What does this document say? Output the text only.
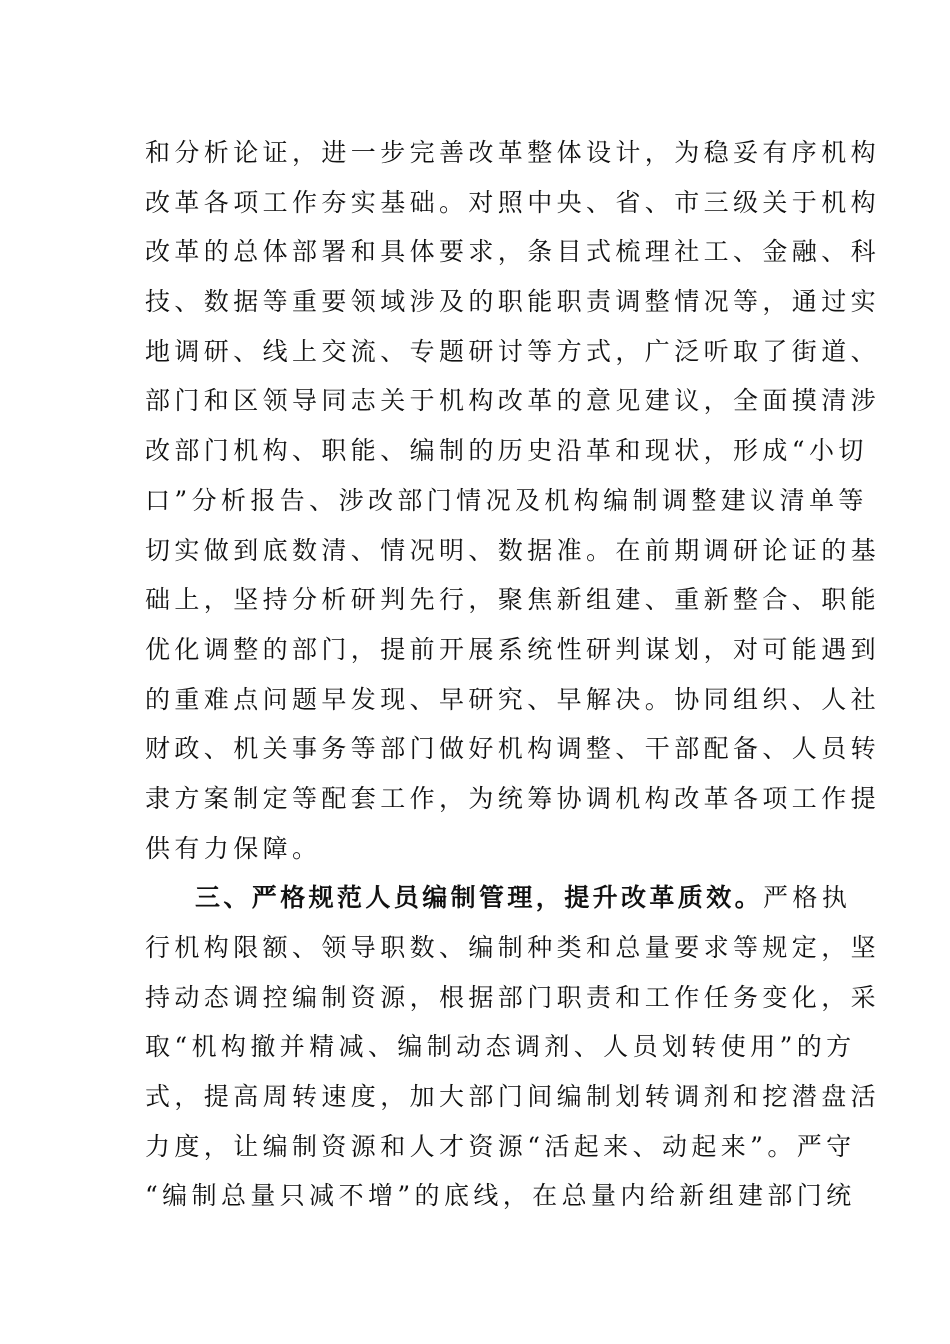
和分析论证，进一步完善改革整体设计，为稳妥有序机构
改革各项工作夯实基础。对照中央、省、市三级关于机构
改革的总体部署和具体要求，条目式梳理社工、金融、科
技、数据等重要领域涉及的职能职责调整情况等，通过实
地调研、线上交流、专题研讨等方式，广泛听取了街道、
部门和区领导同志关于机构改革的意见建议，全面摸清涉
改部门机构、职能、编制的历史沿革和现状，形成“小切
口”分析报告、涉改部门情况及机构编制调整建议清单等
切实做到底数清、情况明、数据准。在前期调研论证的基
础上，坚持分析研判先行，聚焦新组建、重新整合、职能
优化调整的部门，提前开展系统性研判谋划，对可能遇到
的重难点问题早发现、早研究、早解决。协同组织、人社
财政、机关事务等部门做好机构调整、干部配备、人员转
隶方案制定等配套工作，为统筹协调机构改革各项工作提
供有力保障。
三、严格规范人员编制管理，提升改革质效。严格执
行机构限额、领导职数、编制种类和总量要求等规定，坚
持动态调控编制资源，根据部门职责和工作任务变化，采
取“机构撤并精减、编制动态调剂、人员划转使用”的方
式，提高周转速度，加大部门间编制划转调剂和挖潜盘活
力度，让编制资源和人才资源“活起来、动起来”。严守
“编制总量只减不增”的底线，在总量内给新组建部门统
